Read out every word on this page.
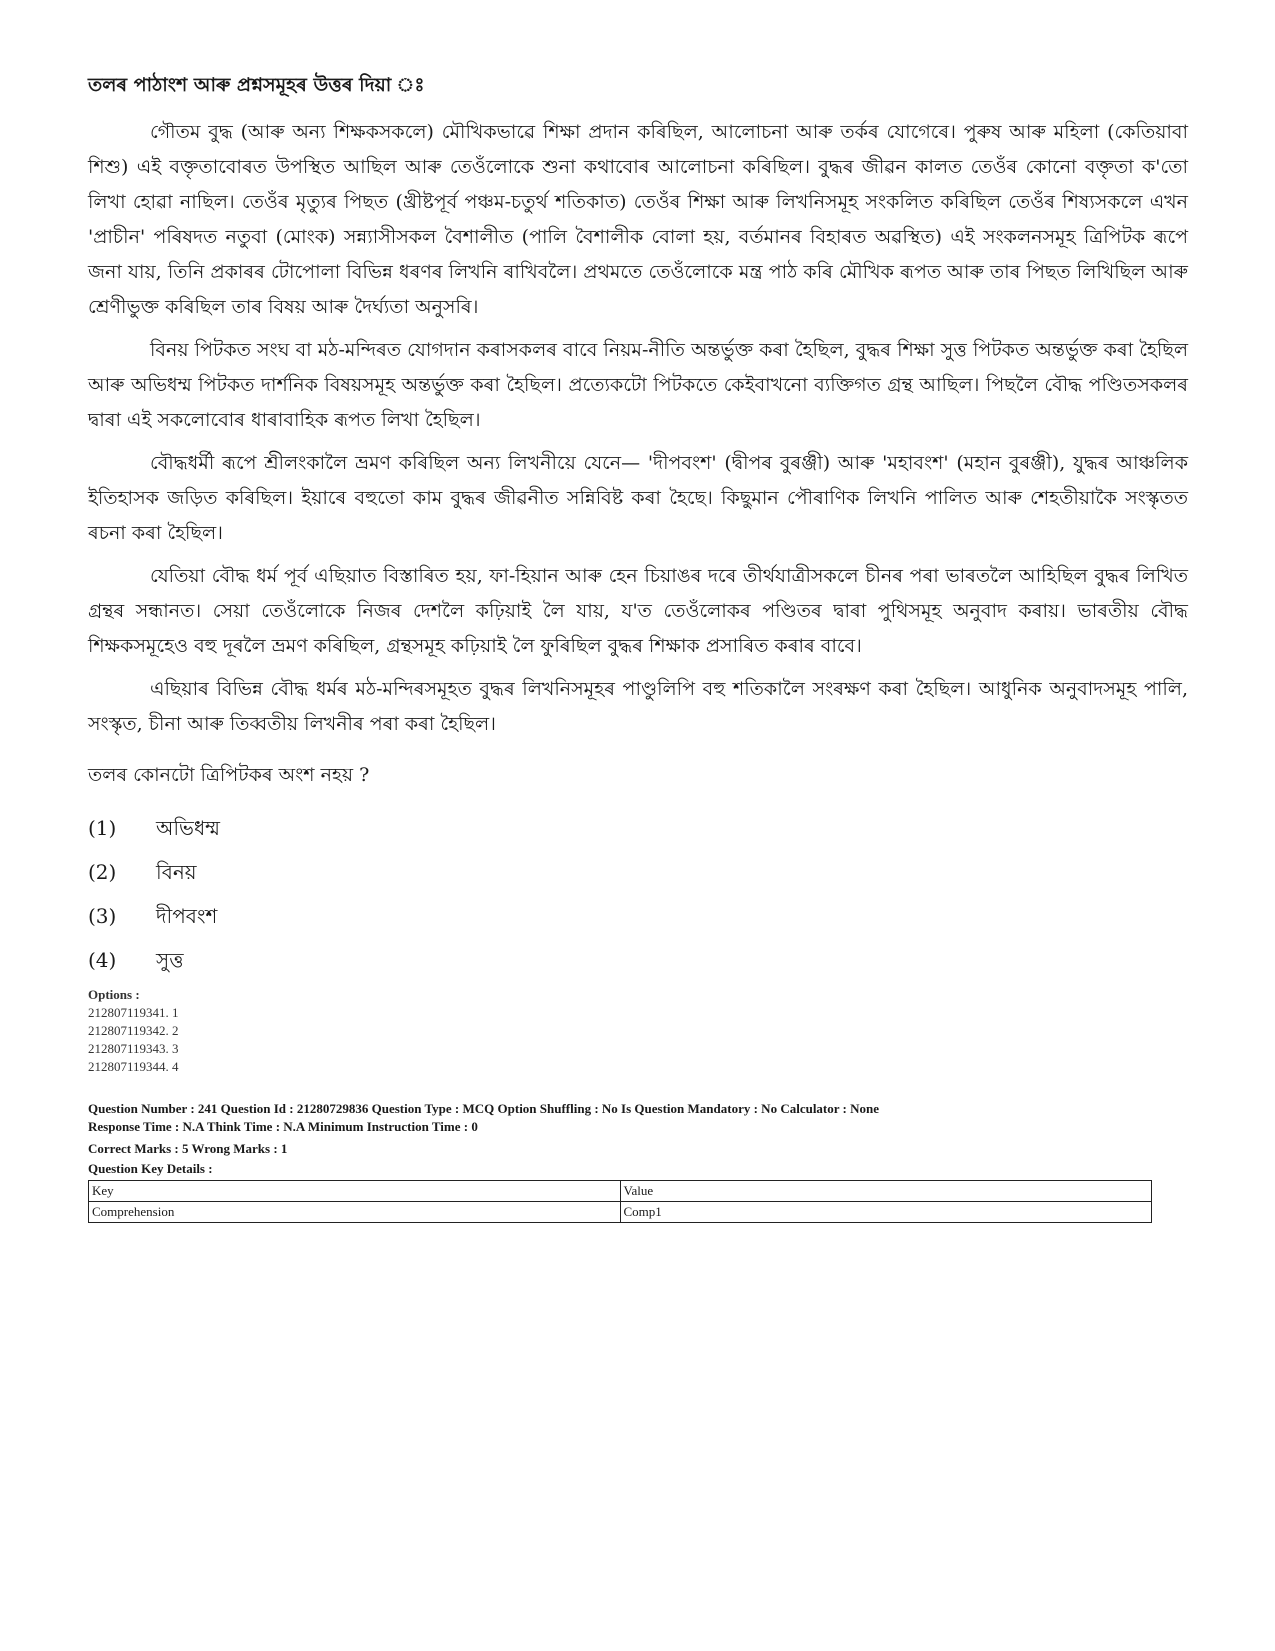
তলৰ পাঠাংশ আৰু প্ৰশ্নসমূহৰ উত্তৰ দিয়া ঃ

গৌতম বুদ্ধ (আৰু অন্য শিক্ষকসকলে) মৌখিকভাৱে শিক্ষা প্ৰদান কৰিছিল, আলোচনা আৰু তৰ্কৰ যোগেৰে। পুৰুষ আৰু মহিলা (কেতিয়াবা শিশু) এই বক্তৃতাবোৰত উপস্থিত আছিল আৰু তেওঁলোকে শুনা কথাবোৰ আলোচনা কৰিছিল। বুদ্ধৰ জীৱন কালত তেওঁৰ কোনো বক্তৃতা ক'তো লিখা হোৱা নাছিল। তেওঁৰ মৃত্যুৰ পিছত (খ্ৰীষ্টপূৰ্ব পঞ্চম-চতুৰ্থ শতিকাত) তেওঁৰ শিক্ষা আৰু লিখনিসমূহ সংকলিত কৰিছিল তেওঁৰ শিষ্যসকলে এখন 'প্ৰাচীন' পৰিষদত নতুবা (মোংক) সন্ন্যাসীসকল বৈশালীত (পালি বৈশালীক বোলা হয়, বৰ্তমানৰ বিহাৰত অৱস্থিত) এই সংকলনসমূহ ত্ৰিপিটক ৰূপে জনা যায়, তিনি প্ৰকাৰৰ টোপোলা বিভিন্ন ধৰণৰ লিখনি ৰাখিবলৈ। প্ৰথমতে তেওঁলোকে মন্ত্ৰ পাঠ কৰি মৌখিক ৰূপত আৰু তাৰ পিছত লিখিছিল আৰু শ্ৰেণীভুক্ত কৰিছিল তাৰ বিষয় আৰু দৈৰ্ঘ্যতা অনুসৰি।

বিনয় পিটকত সংঘ বা মঠ-মন্দিৰত যোগদান কৰাসকলৰ বাবে নিয়ম-নীতি অন্তৰ্ভুক্ত কৰা হৈছিল, বুদ্ধৰ শিক্ষা সুত্ত পিটকত অন্তৰ্ভুক্ত কৰা হৈছিল আৰু অভিধম্ম পিটকত দাৰ্শনিক বিষয়সমূহ অন্তৰ্ভুক্ত কৰা হৈছিল। প্ৰত্যেকটো পিটকতে কেইবাখনো ব্যক্তিগত গ্ৰন্থ আছিল। পিছলৈ বৌদ্ধ পণ্ডিতসকলৰ দ্বাৰা এই সকলোবোৰ ধাৰাবাহিক ৰূপত লিখা হৈছিল।

বৌদ্ধধৰ্মী ৰূপে শ্ৰীলংকালৈ ভ্ৰমণ কৰিছিল অন্য লিখনীয়ে যেনে— 'দীপবংশ' (দ্বীপৰ বুৰঞ্জী) আৰু 'মহাবংশ' (মহান বুৰঞ্জী), যুদ্ধৰ আঞ্চলিক ইতিহাসক জড়িত কৰিছিল। ইয়াৰে বহুতো কাম বুদ্ধৰ জীৱনীত সন্নিবিষ্ট কৰা হৈছে। কিছুমান পৌৰাণিক লিখনি পালিত আৰু শেহতীয়াকৈ সংস্কৃতত ৰচনা কৰা হৈছিল।

যেতিয়া বৌদ্ধ ধৰ্ম পূৰ্ব এছিয়াত বিস্তাৰিত হয়, ফা-হিয়ান আৰু হেন চিয়াঙৰ দৰে তীৰ্থযাত্ৰীসকলে চীনৰ পৰা ভাৰতলৈ আহিছিল বুদ্ধৰ লিখিত গ্ৰন্থৰ সন্ধানত। সেয়া তেওঁলোকে নিজৰ দেশলৈ কঢ়িয়াই লৈ যায়, য'ত তেওঁলোকৰ পণ্ডিতৰ দ্বাৰা পুথিসমূহ অনুবাদ কৰায়। ভাৰতীয় বৌদ্ধ শিক্ষকসমূহেও বহু দূৰলৈ ভ্ৰমণ কৰিছিল, গ্ৰন্থসমূহ কঢ়িয়াই লৈ ফুৰিছিল বুদ্ধৰ শিক্ষাক প্ৰসাৰিত কৰাৰ বাবে।

এছিয়াৰ বিভিন্ন বৌদ্ধ ধৰ্মৰ মঠ-মন্দিৰসমূহত বুদ্ধৰ লিখনিসমূহৰ পাণ্ডুলিপি বহু শতিকালৈ সংৰক্ষণ কৰা হৈছিল। আধুনিক অনুবাদসমূহ পালি, সংস্কৃত, চীনা আৰু তিব্বতীয় লিখনীৰ পৰা কৰা হৈছিল।

তলৰ কোনটো ত্ৰিপিটকৰ অংশ নহয় ?
(1)	অভিধম্ম
(2)	বিনয়
(3)	দীপবংশ
(4)	সুত্ত
Options :
212807119341. 1
212807119342. 2
212807119343. 3
212807119344. 4
Question Number : 241 Question Id : 21280729836 Question Type : MCQ Option Shuffling : No Is Question Mandatory : No Calculator : None
Response Time : N.A Think Time : N.A Minimum Instruction Time : 0
Correct Marks : 5 Wrong Marks : 1
Question Key Details :
Key	Value
Comprehension	Comp1
